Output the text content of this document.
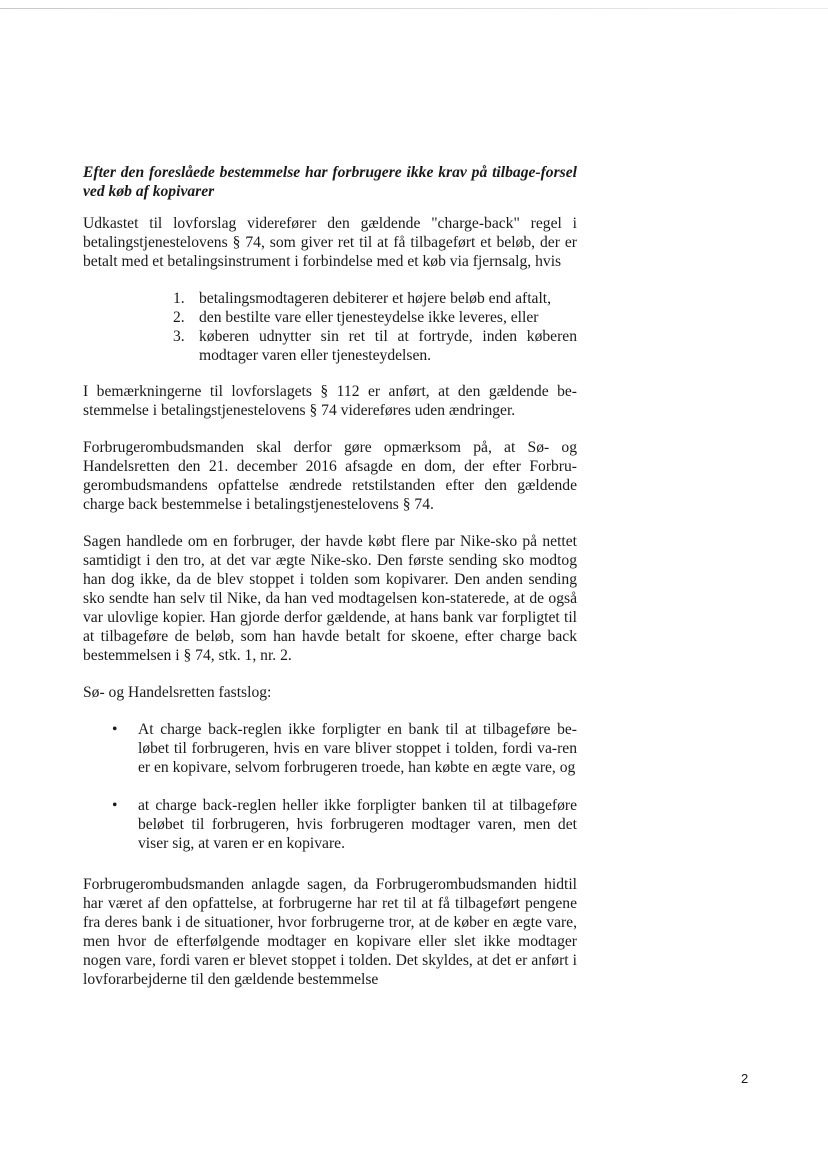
Efter den foreslåede bestemmelse har forbrugere ikke krav på tilbage-forsel ved køb af kopivarer

Udkastet til lovforslag viderefører den gældende "charge-back" regel i betalingstjenestelovens § 74, som giver ret til at få tilbageført et beløb, der er betalt med et betalingsinstrument i forbindelse med et køb via fjernsalg, hvis

1. betalingsmodtageren debiterer et højere beløb end aftalt,
2. den bestilte vare eller tjenesteydelse ikke leveres, eller
3. køberen udnytter sin ret til at fortryde, inden køberen modtager varen eller tjenesteydelsen.

I bemærkningerne til lovforslagets § 112 er anført, at den gældende be-stemmelse i betalingstjenestelovens § 74 videreføres uden ændringer.

Forbrugerombudsmanden skal derfor gøre opmærksom på, at Sø- og Handelsretten den 21. december 2016 afsagde en dom, der efter Forbru-gerombudsmandens opfattelse ændrede retstilstanden efter den gældende charge back bestemmelse i betalingstjenestelovens § 74.

Sagen handlede om en forbruger, der havde købt flere par Nike-sko på nettet samtidigt i den tro, at det var ægte Nike-sko. Den første sending sko modtog han dog ikke, da de blev stoppet i tolden som kopivarer. Den anden sending sko sendte han selv til Nike, da han ved modtagelsen kon-staterede, at de også var ulovlige kopier. Han gjorde derfor gældende, at hans bank var forpligtet til at tilbageføre de beløb, som han havde betalt for skoene, efter charge back bestemmelsen i § 74, stk. 1, nr. 2.

Sø- og Handelsretten fastslog:

• At charge back-reglen ikke forpligter en bank til at tilbageføre be-løbet til forbrugeren, hvis en vare bliver stoppet i tolden, fordi va-ren er en kopivare, selvom forbrugeren troede, han købte en ægte vare, og
• at charge back-reglen heller ikke forpligter banken til at tilbageføre beløbet til forbrugeren, hvis forbrugeren modtager varen, men det viser sig, at varen er en kopivare.

Forbrugerombudsmanden anlagde sagen, da Forbrugerombudsmanden hidtil har været af den opfattelse, at forbrugerne har ret til at få tilbageført pengene fra deres bank i de situationer, hvor forbrugerne tror, at de køber en ægte vare, men hvor de efterfølgende modtager en kopivare eller slet ikke modtager nogen vare, fordi varen er blevet stoppet i tolden. Det skyldes, at det er anført i lovforarbejderne til den gældende bestemmelse

2
